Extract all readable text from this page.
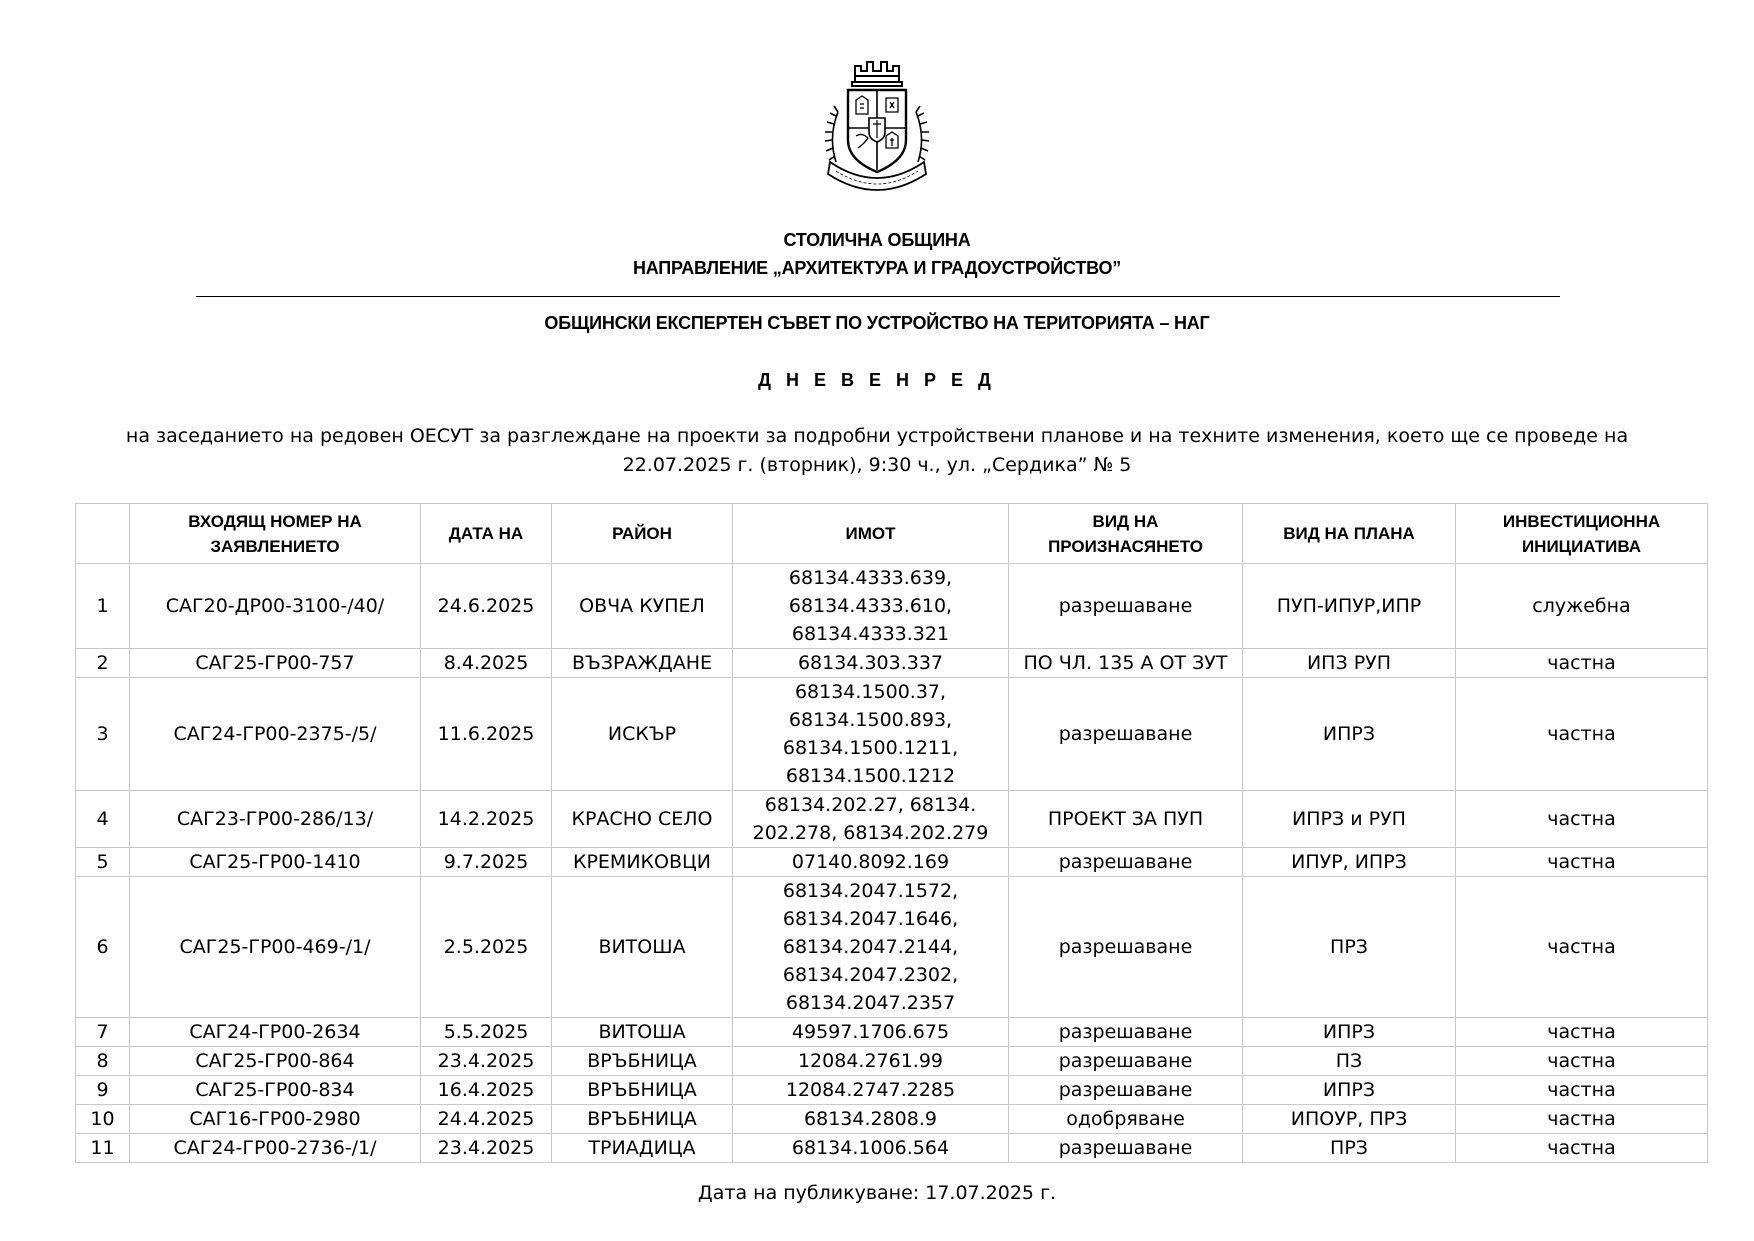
СТОЛИЧНА ОБЩИНА
НАПРАВЛЕНИЕ „АРХИТЕКТУРА И ГРАДОУСТРОЙСТВО”
ОБЩИНСКИ ЕКСПЕРТЕН СЪВЕТ ПО УСТРОЙСТВО НА ТЕРИТОРИЯТА – НАГ
Д Н Е В Е Н Р Е Д
на заседанието на редовен ОЕСУТ за разглеждане на проекти за подробни устройствени планове и на техните изменения, което ще се проведе на
22.07.2025 г. (вторник), 9:30 ч., ул. „Сердика” № 5
	ВХОДЯЩ НОМЕР НА ЗАЯВЛЕНИЕТО	ДАТА НА	РАЙОН	ИМОТ	ВИД НА ПРОИЗНАСЯНЕТО	ВИД НА ПЛАНА	ИНВЕСТИЦИОННА ИНИЦИАТИВА
1	САГ20-ДР00-3100-/40/	24.6.2025	ОВЧА КУПЕЛ	68134.4333.639,
68134.4333.610,
68134.4333.321	разрешаване	ПУП-ИПУР,ИПР	служебна
2	САГ25-ГР00-757	8.4.2025	ВЪЗРАЖДАНЕ	68134.303.337	ПО ЧЛ. 135 А ОТ ЗУТ	ИПЗ РУП	частна
3	САГ24-ГР00-2375-/5/	11.6.2025	ИСКЪР	68134.1500.37,
68134.1500.893,
68134.1500.1211,
68134.1500.1212	разрешаване	ИПРЗ	частна
4	САГ23-ГР00-286/13/	14.2.2025	КРАСНО СЕЛО	68134.202.27, 68134.
202.278, 68134.202.279	ПРОЕКТ ЗА ПУП	ИПРЗ и РУП	частна
5	САГ25-ГР00-1410	9.7.2025	КРЕМИКОВЦИ	07140.8092.169	разрешаване	ИПУР, ИПРЗ	частна
6	САГ25-ГР00-469-/1/	2.5.2025	ВИТОША	68134.2047.1572,
68134.2047.1646,
68134.2047.2144,
68134.2047.2302,
68134.2047.2357	разрешаване	ПРЗ	частна
7	САГ24-ГР00-2634	5.5.2025	ВИТОША	49597.1706.675	разрешаване	ИПРЗ	частна
8	САГ25-ГР00-864	23.4.2025	ВРЪБНИЦА	12084.2761.99	разрешаване	ПЗ	частна
9	САГ25-ГР00-834	16.4.2025	ВРЪБНИЦА	12084.2747.2285	разрешаване	ИПРЗ	частна
10	САГ16-ГР00-2980	24.4.2025	ВРЪБНИЦА	68134.2808.9	одобряване	ИПОУР, ПРЗ	частна
11	САГ24-ГР00-2736-/1/	23.4.2025	ТРИАДИЦА	68134.1006.564	разрешаване	ПРЗ	частна
Дата на публикуване: 17.07.2025 г.
